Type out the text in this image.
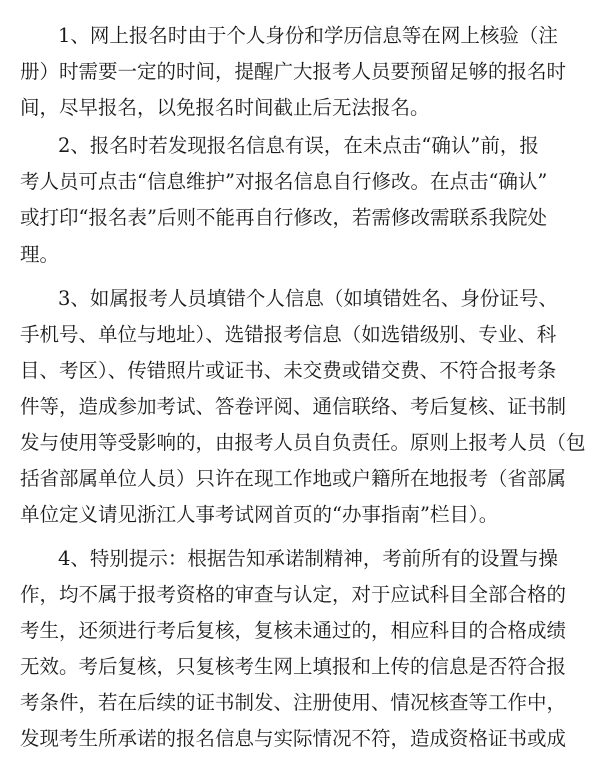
1、网上报名时由于个人身份和学历信息等在网上核验（注
册）时需要一定的时间，提醒广大报考人员要预留足够的报名时
间，尽早报名，以免报名时间截止后无法报名。
2、报名时若发现报名信息有误，在未点击“确认”前，报
考人员可点击“信息维护”对报名信息自行修改。在点击“确认”
或打印“报名表”后则不能再自行修改，若需修改需联系我院处
理。
3、如属报考人员填错个人信息（如填错姓名、身份证号、
手机号、单位与地址）、选错报考信息（如选错级别、专业、科
目、考区）、传错照片或证书、未交费或错交费、不符合报考条
件等，造成参加考试、答卷评阅、通信联络、考后复核、证书制
发与使用等受影响的，由报考人员自负责任。原则上报考人员（包
括省部属单位人员）只许在现工作地或户籍所在地报考（省部属
单位定义请见浙江人事考试网首页的“办事指南”栏目）。
4、特别提示：根据告知承诺制精神，考前所有的设置与操
作，均不属于报考资格的审查与认定，对于应试科目全部合格的
考生，还须进行考后复核，复核未通过的，相应科目的合格成绩
无效。考后复核，只复核考生网上填报和上传的信息是否符合报
考条件，若在后续的证书制发、注册使用、情况核查等工作中，
发现考生所承诺的报名信息与实际情况不符，造成资格证书或成
